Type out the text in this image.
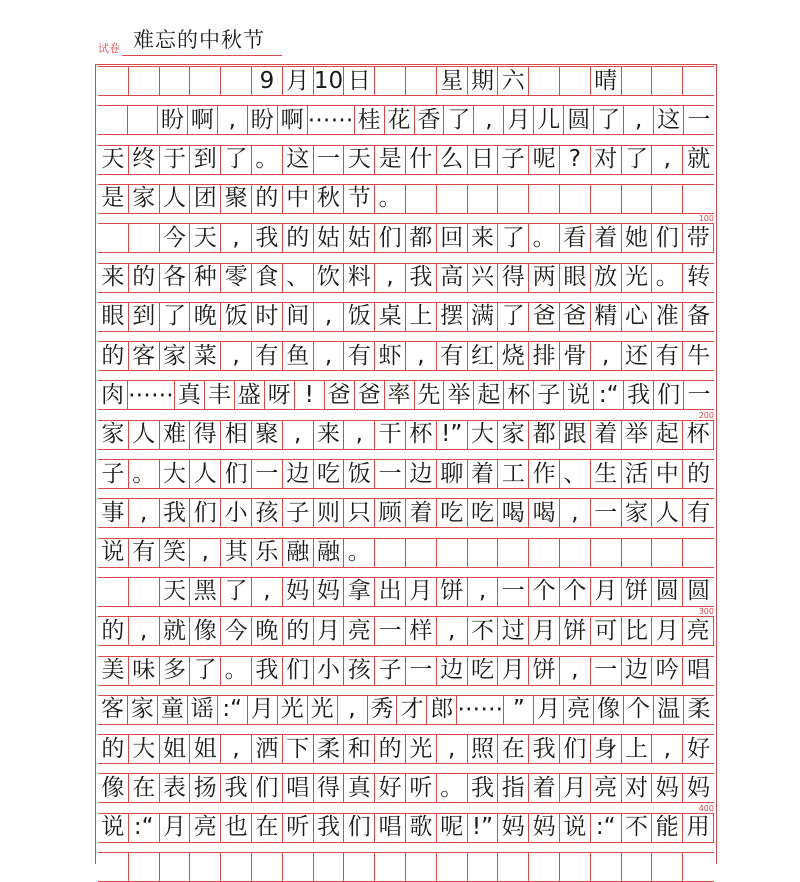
试卷 难忘的中秋节
9 月 10 日	星 期 六	晴
盼 啊 , 盼 啊 ⋯⋯ 桂 花 香 了 , 月 儿 圆 了 , 这 一
天 终 于 到 了 。 这 一 天 是 什 么 日 子 呢 ? 对 了 , 就
是 家 人 团 聚 的 中 秋 节 。
今 天 , 我 的 姑 姑 们 都 回 来 了 。 看 着 她 们 带
100
来 的 各 种 零 食 、 饮 料 , 我 高 兴 得 两 眼 放 光 。 转
眼 到 了 晚 饭 时 间 , 饭 桌 上 摆 满 了 爸 爸 精 心 准 备
的 客 家 菜 , 有 鱼 , 有 虾 , 有 红 烧 排 骨 , 还 有 牛
肉 ⋯⋯ 真 丰 盛 呀 ! 爸 爸 率 先 举 起 杯 子 说 :“ 我 们 一
家 人 难 得 相 聚 , 来 , 干 杯 !” 大 家 都 跟 着 举 起 杯
200
子 。 大 人 们 一 边 吃 饭 一 边 聊 着 工 作 、 生 活 中 的
事 , 我 们 小 孩 子 则 只 顾 着 吃 吃 喝 喝 , 一 家 人 有
说 有 笑 , 其 乐 融 融 。
天 黑 了 , 妈 妈 拿 出 月 饼 , 一 个 个 月 饼 圆 圆
的 , 就 像 今 晚 的 月 亮 一 样 , 不 过 月 饼 可 比 月 亮
300
美 味 多 了 。 我 们 小 孩 子 一 边 吃 月 饼 , 一 边 吟 唱
客 家 童 谣 :“ 月 光 光 , 秀 才 郎 ⋯⋯ ” 月 亮 像 个 温 柔
的 大 姐 姐 , 洒 下 柔 和 的 光 , 照 在 我 们 身 上 , 好
像 在 表 扬 我 们 唱 得 真 好 听 。 我 指 着 月 亮 对 妈 妈
说 :“ 月 亮 也 在 听 我 们 唱 歌 呢 !” 妈 妈 说 :“ 不 能 用
400
